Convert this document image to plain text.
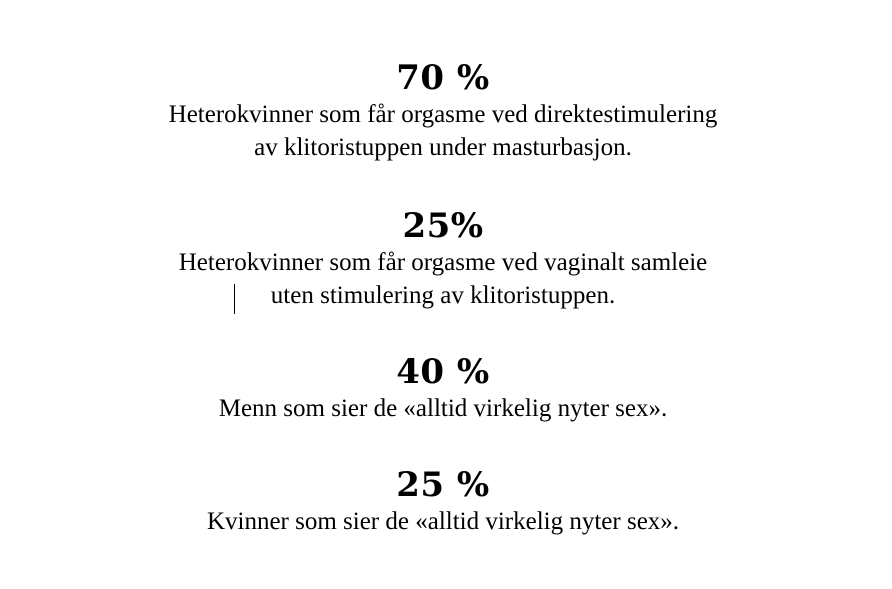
70 %
Heterokvinner som får orgasme ved direktestimulering
av klitoristuppen under masturbasjon.
25%
Heterokvinner som får orgasme ved vaginalt samleie
uten stimulering av klitoristuppen.
40 %
Menn som sier de «alltid virkelig nyter sex».
25 %
Kvinner som sier de «alltid virkelig nyter sex».
